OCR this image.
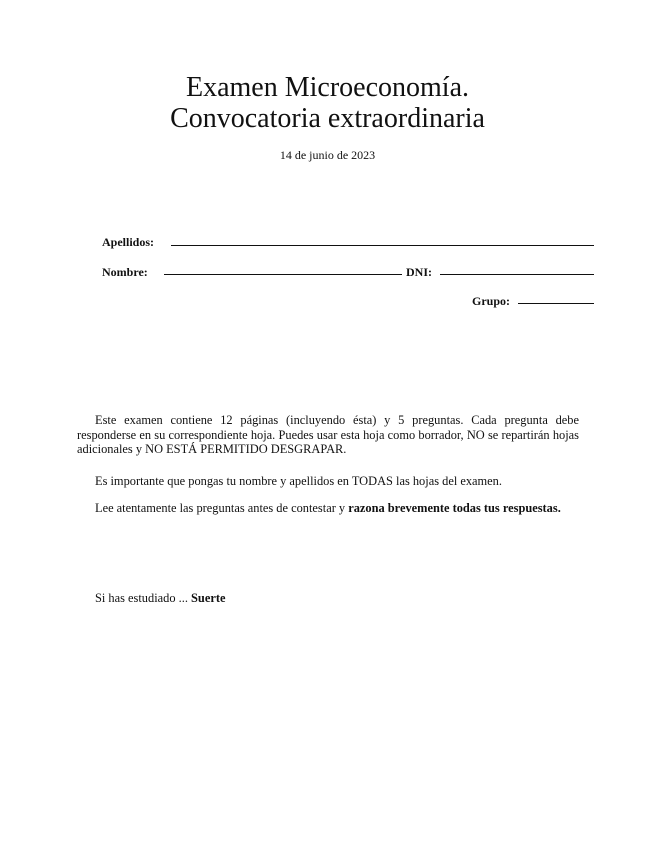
Examen Microeconomía.
Convocatoria extraordinaria
14 de junio de 2023
Apellidos:
Nombre:	DNI:
Grupo:

Este examen contiene 12 páginas (incluyendo ésta) y 5 preguntas. Cada pregunta debe responderse en su correspondiente hoja. Puedes usar esta hoja como borrador, NO se repartirán hojas adicionales y NO ESTÁ PERMITIDO DESGRAPAR.

Es importante que pongas tu nombre y apellidos en TODAS las hojas del examen.

Lee atentamente las preguntas antes de contestar y razona brevemente todas tus respuestas.

Si has estudiado ... Suerte
